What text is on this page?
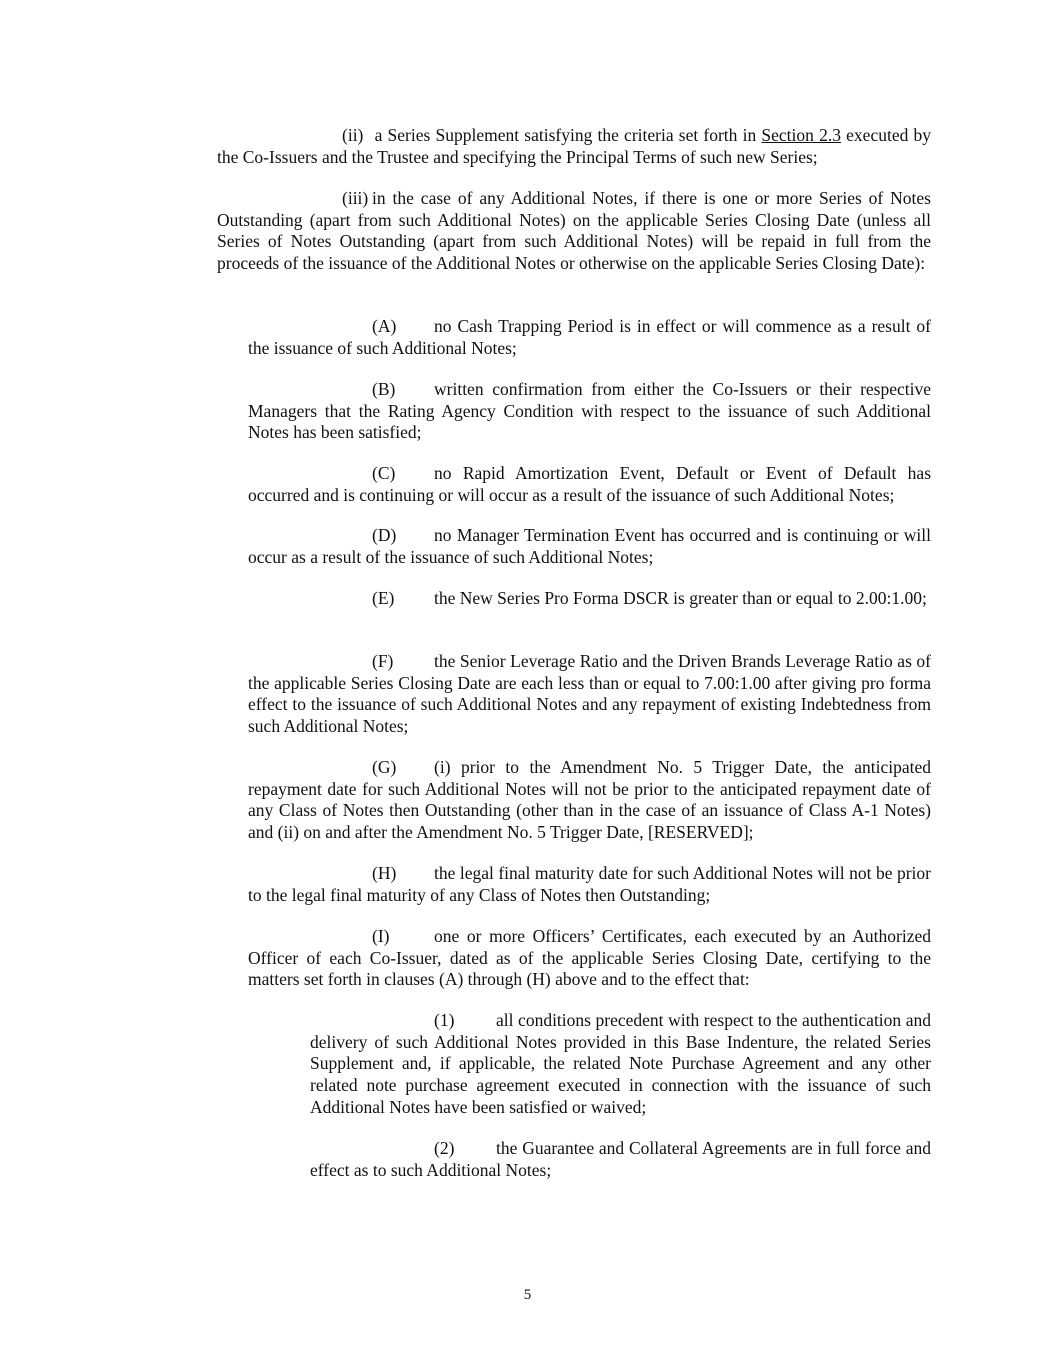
(ii) a Series Supplement satisfying the criteria set forth in Section 2.3 executed by the Co-Issuers and the Trustee and specifying the Principal Terms of such new Series;

(iii) in the case of any Additional Notes, if there is one or more Series of Notes Outstanding (apart from such Additional Notes) on the applicable Series Closing Date (unless all Series of Notes Outstanding (apart from such Additional Notes) will be repaid in full from the proceeds of the issuance of the Additional Notes or otherwise on the applicable Series Closing Date):

(A) no Cash Trapping Period is in effect or will commence as a result of the issuance of such Additional Notes;

(B) written confirmation from either the Co-Issuers or their respective Managers that the Rating Agency Condition with respect to the issuance of such Additional Notes has been satisfied;

(C) no Rapid Amortization Event, Default or Event of Default has occurred and is continuing or will occur as a result of the issuance of such Additional Notes;

(D) no Manager Termination Event has occurred and is continuing or will occur as a result of the issuance of such Additional Notes;

(E) the New Series Pro Forma DSCR is greater than or equal to 2.00:1.00;

(F) the Senior Leverage Ratio and the Driven Brands Leverage Ratio as of the applicable Series Closing Date are each less than or equal to 7.00:1.00 after giving pro forma effect to the issuance of such Additional Notes and any repayment of existing Indebtedness from such Additional Notes;

(G) (i) prior to the Amendment No. 5 Trigger Date, the anticipated repayment date for such Additional Notes will not be prior to the anticipated repayment date of any Class of Notes then Outstanding (other than in the case of an issuance of Class A-1 Notes) and (ii) on and after the Amendment No. 5 Trigger Date, [RESERVED];

(H) the legal final maturity date for such Additional Notes will not be prior to the legal final maturity of any Class of Notes then Outstanding;

(I)	one or more Officers’ Certificates, each executed by an Authorized Officer of each Co-Issuer, dated as of the applicable Series Closing Date, certifying to the matters set forth in clauses (A) through (H) above and to the effect that:

(1) all conditions precedent with respect to the authentication and delivery of such Additional Notes provided in this Base Indenture, the related Series Supplement and, if applicable, the related Note Purchase Agreement and any other related note purchase agreement executed in connection with the issuance of such Additional Notes have been satisfied or waived;

(2) the Guarantee and Collateral Agreements are in full force and effect as to such Additional Notes;

5
